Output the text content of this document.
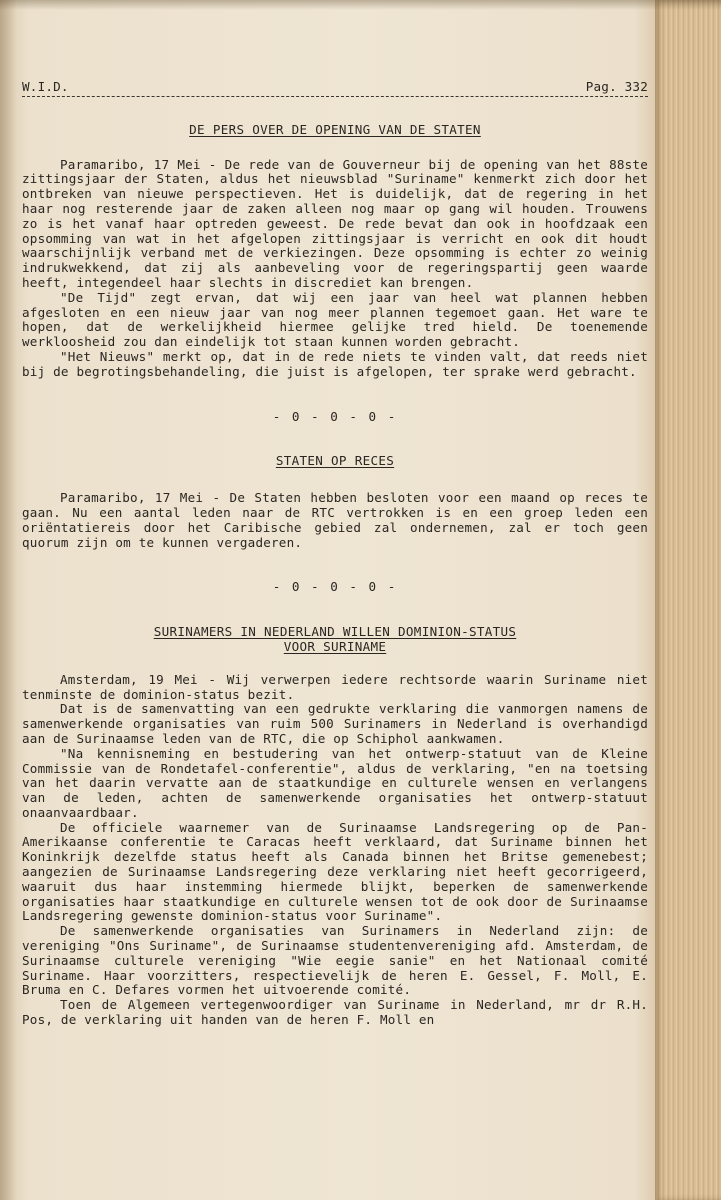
W.I.D.	Pag. 332
DE PERS OVER DE OPENING VAN DE STATEN

Paramaribo, 17 Mei - De rede van de Gouverneur bij de opening van het 88ste zittingsjaar der Staten, aldus het nieuwsblad "Suriname" kenmerkt zich door het ontbreken van nieuwe perspectieven. Het is duidelijk, dat de regering in het haar nog resterende jaar de zaken alleen nog maar op gang wil houden. Trouwens zo is het vanaf haar optreden geweest. De rede bevat dan ook in hoofdzaak een opsomming van wat in het afgelopen zittingsjaar is verricht en ook dit houdt waarschijnlijk verband met de verkiezingen. Deze opsomming is echter zo weinig indrukwekkend, dat zij als aanbeveling voor de regeringspartij geen waarde heeft, integendeel haar slechts in discrediet kan brengen.

"De Tijd" zegt ervan, dat wij een jaar van heel wat plannen hebben afgesloten en een nieuw jaar van nog meer plannen tegemoet gaan. Het ware te hopen, dat de werkelijkheid hiermee gelijke tred hield. De toenemende werkloosheid zou dan eindelijk tot staan kunnen worden gebracht.

"Het Nieuws" merkt op, dat in de rede niets te vinden valt, dat reeds niet bij de begrotingsbehandeling, die juist is afgelopen, ter sprake werd gebracht.

- 0 - 0 - 0 -
STATEN OP RECES

Paramaribo, 17 Mei - De Staten hebben besloten voor een maand op reces te gaan. Nu een aantal leden naar de RTC vertrokken is en een groep leden een oriëntatiereis door het Caribische gebied zal ondernemen, zal er toch geen quorum zijn om te kunnen vergaderen.

- 0 - 0 - 0 -
SURINAMERS IN NEDERLAND WILLEN DOMINION-STATUS
VOOR SURINAME

Amsterdam, 19 Mei - Wij verwerpen iedere rechtsorde waarin Suriname niet tenminste de dominion-status bezit.

Dat is de samenvatting van een gedrukte verklaring die vanmorgen namens de samenwerkende organisaties van ruim 500 Surinamers in Nederland is overhandigd aan de Surinaamse leden van de RTC, die op Schiphol aankwamen.

"Na kennisneming en bestudering van het ontwerp-statuut van de Kleine Commissie van de Rondetafel-conferentie", aldus de verklaring, "en na toetsing van het daarin vervatte aan de staatkundige en culturele wensen en verlangens van de leden, achten de samenwerkende organisaties het ontwerp-statuut onaanvaardbaar.

De officiele waarnemer van de Surinaamse Landsregering op de Pan-Amerikaanse conferentie te Caracas heeft verklaard, dat Suriname binnen het Koninkrijk dezelfde status heeft als Canada binnen het Britse gemenebest; aangezien de Surinaamse Landsregering deze verklaring niet heeft gecorrigeerd, waaruit dus haar instemming hiermede blijkt, beperken de samenwerkende organisaties haar staatkundige en culturele wensen tot de ook door de Surinaamse Landsregering gewenste dominion-status voor Suriname".

De samenwerkende organisaties van Surinamers in Nederland zijn: de vereniging "Ons Suriname", de Surinaamse studentenvereniging afd. Amsterdam, de Surinaamse culturele vereniging "Wie eegie sanie" en het Nationaal comité Suriname. Haar voorzitters, respectievelijk de heren E. Gessel, F. Moll, E. Bruma en C. Defares vormen het uitvoerende comité.

Toen de Algemeen vertegenwoordiger van Suriname in Nederland, mr dr R.H. Pos, de verklaring uit handen van de heren F. Moll en
